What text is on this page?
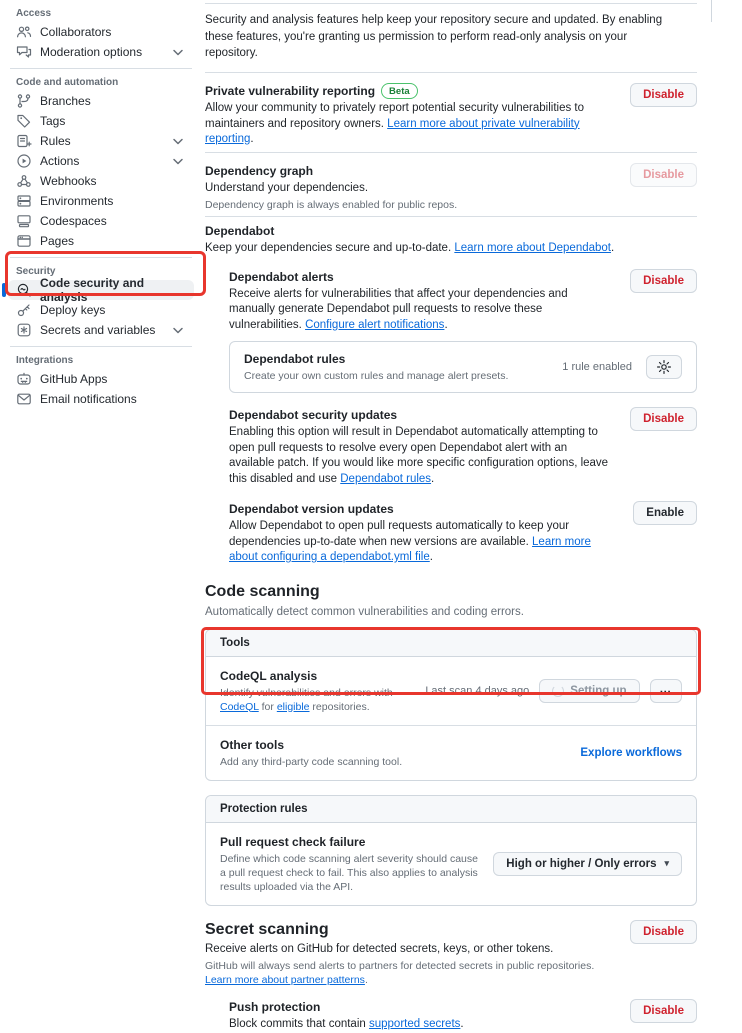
Access
Collaborators
Moderation options
Code and automation
Branches
Tags
Rules
Actions
Webhooks
Environments
Codespaces
Pages
Security
Code security and analysis
Deploy keys
Secrets and variables
Integrations
GitHub Apps
Email notifications

Security and analysis features help keep your repository secure and updated. By enabling these features, you're granting us permission to perform read-only analysis on your repository.

Private vulnerability reporting	Beta
Allow your community to privately report potential security vulnerabilities to maintainers and repository owners. Learn more about private vulnerability reporting.
Disable
Dependency graph
Understand your dependencies.
Dependency graph is always enabled for public repos.
Disable
Dependabot
Keep your dependencies secure and up-to-date. Learn more about Dependabot.
Dependabot alerts
Receive alerts for vulnerabilities that affect your dependencies and manually generate Dependabot pull requests to resolve these vulnerabilities. Configure alert notifications.
Disable
Dependabot rules
Create your own custom rules and manage alert presets.
1 rule enabled
Dependabot security updates
Enabling this option will result in Dependabot automatically attempting to open pull requests to resolve every open Dependabot alert with an available patch. If you would like more specific configuration options, leave this disabled and use Dependabot rules.
Disable
Dependabot version updates
Allow Dependabot to open pull requests automatically to keep your dependencies up-to-date when new versions are available. Learn more about configuring a dependabot.yml file.
Enable
Code scanning
Automatically detect common vulnerabilities and coding errors.
Tools
CodeQL analysis
Identify vulnerabilities and errors with CodeQL for eligible repositories.
Last scan 4 days ago	Setting up	⋯
Other tools
Add any third-party code scanning tool.
Explore workflows
Protection rules
Pull request check failure
Define which code scanning alert severity should cause a pull request check to fail. This also applies to analysis results uploaded via the API.
High or higher / Only errors ▾
Secret scanning
Receive alerts on GitHub for detected secrets, keys, or other tokens.
GitHub will always send alerts to partners for detected secrets in public repositories. Learn more about partner patterns.
Disable
Push protection
Block commits that contain supported secrets.
Disable
